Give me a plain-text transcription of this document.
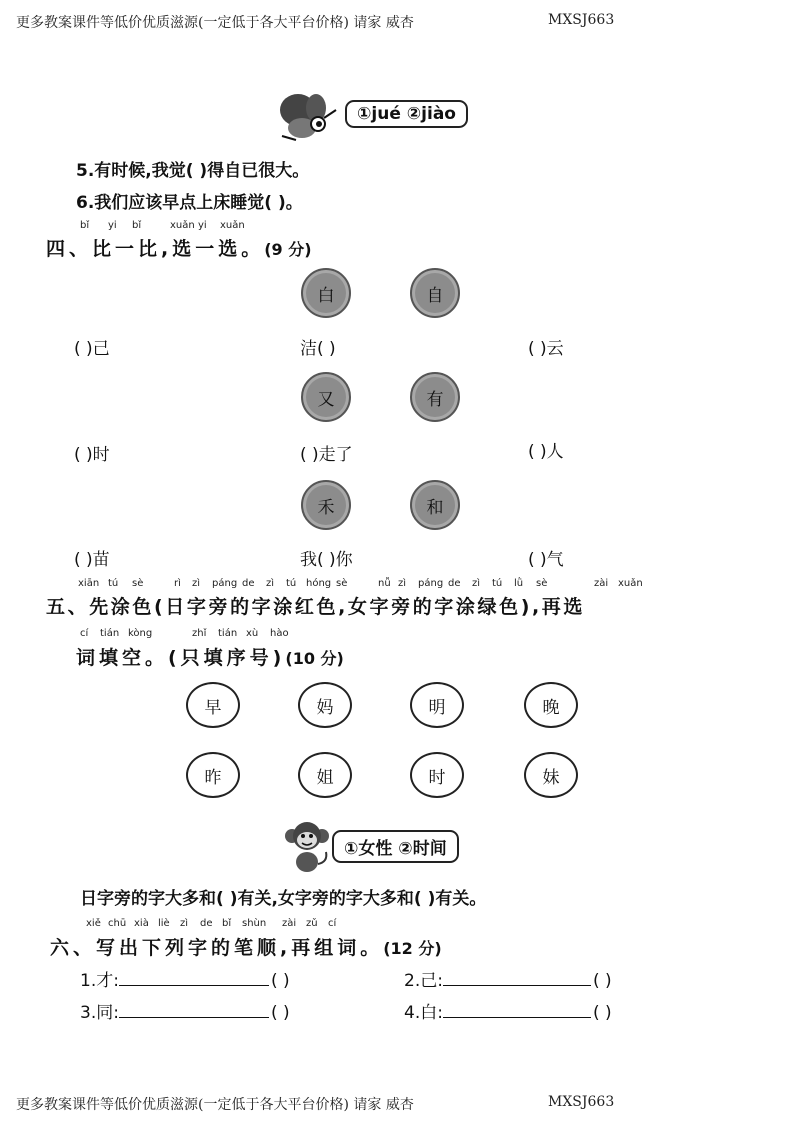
更多教案课件等低价优质滋源(一定低于各大平台价格) 请家 威杏	MXSJ663
①jué ②jiào
5.有时候,我觉( )得自已很大。
6.我们应该早点上床睡觉( )。
bǐ yi bǐ	xuǎn yi xuǎn
四、比一比,选一选。(9 分)
白	自
( )己	洁( )	( )云
又	有
( )时	( )走了	( )人
禾	和
( )苗	我( )你	( )气
xiān tú sè	rì zì páng de zì tú hóng sè	nǚ zì páng de zì tú lǜ sè	zài xuǎn
五、先涂色(日字旁的字涂红色,女字旁的字涂绿色),再选
cí tián kòng	zhǐ tián xù hào
词填空。(只填序号)(10 分)
早	妈	明	晚
昨	姐	时	妹
①女性 ②时间
日字旁的字大多和( )有关,女字旁的字大多和( )有关。
xiě chū xià liè zì de bǐ shùn zài zǔ cí
六、写出下列字的笔顺,再组词。(12 分)
1.才:	( )	2.己:	( )
3.同:	( )	4.白:	( )
更多教案课件等低价优质滋源(一定低于各大平台价格) 请家 威杏	MXSJ663
